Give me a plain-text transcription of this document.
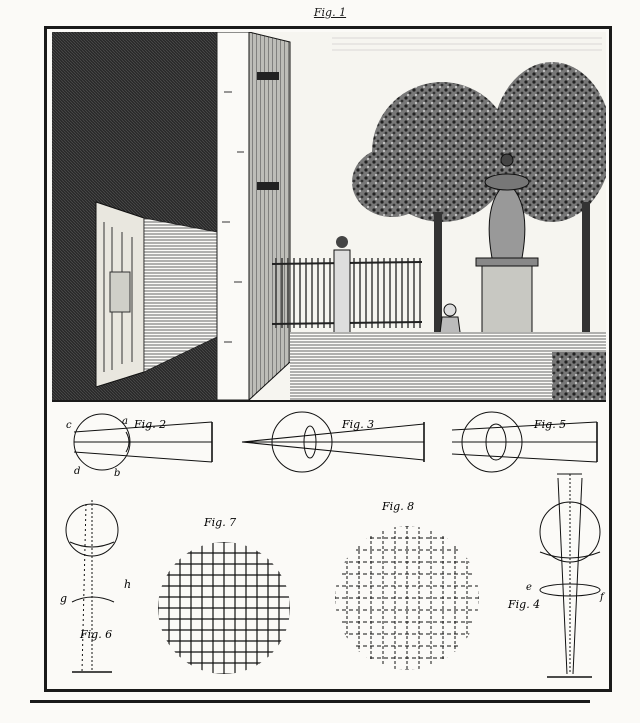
Fig. 1
Fig. 2
c	a
d	b
Fig. 3	Fig. 5
Fig. 6
g
h
Fig. 7
Fig. 8
Fig. 4
e
f
